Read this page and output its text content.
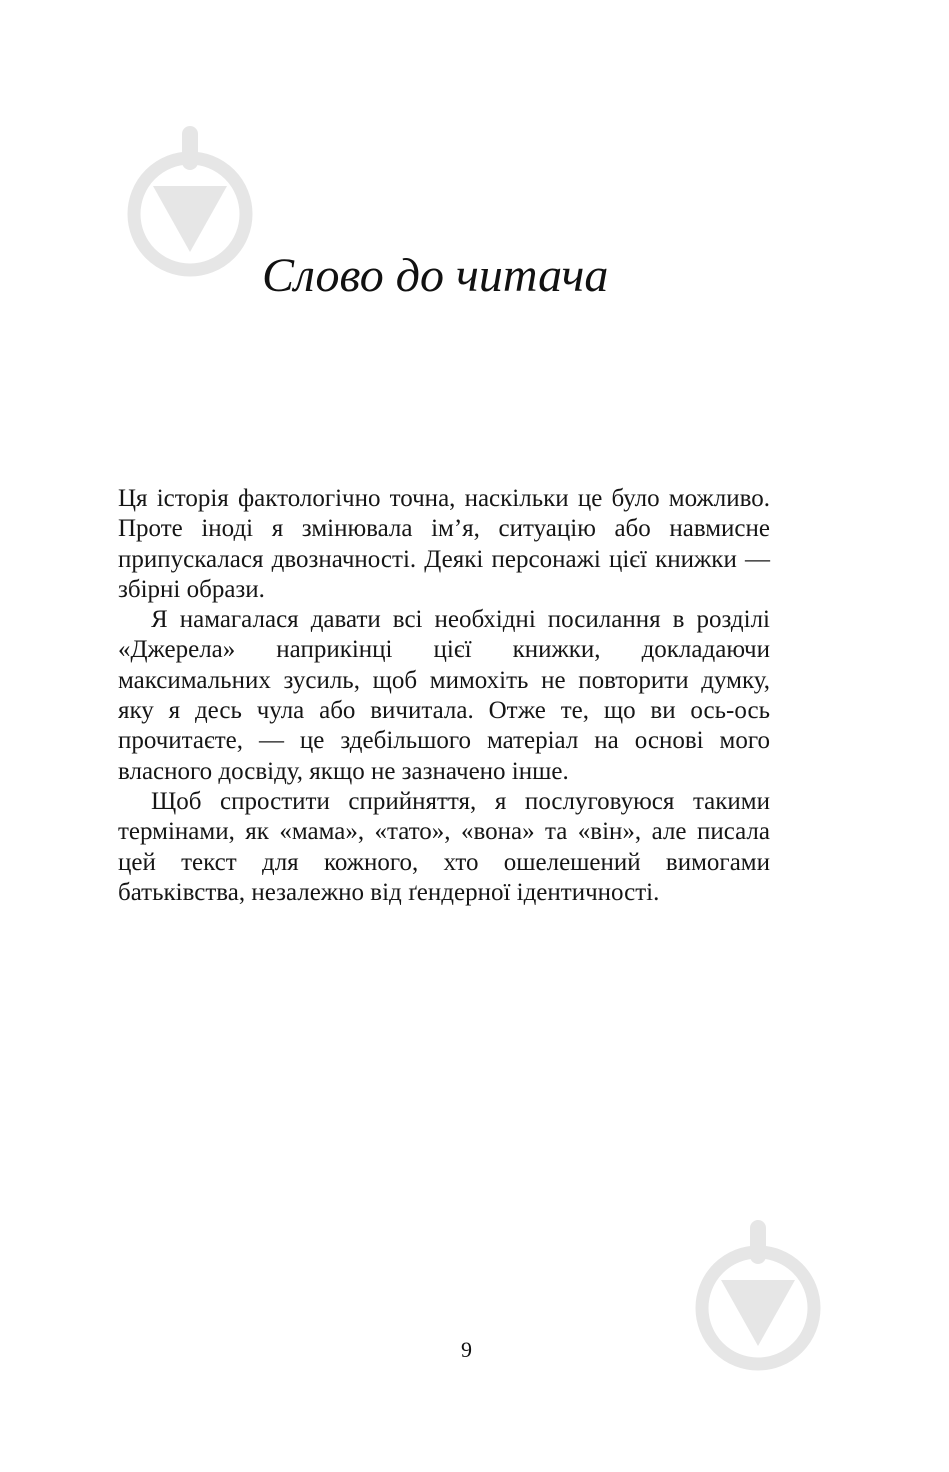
Слово до читача

Ця історія фактологічно точна, наскільки це було можливо. Проте іноді я змінювала ім’я, ситуацію або навмисне припускалася двозначності. Деякі персонажі цієї книжки — збірні образи.

Я намагалася давати всі необхідні посилання в розділі «Джерела» наприкінці цієї книжки, докладаючи максимальних зусиль, щоб мимохіть не повторити думку, яку я десь чула або вичитала. Отже те, що ви ось-ось прочитаєте, — це здебільшого матеріал на основі мого власного досвіду, якщо не зазначено інше.

Щоб спростити сприйняття, я послуговуюся такими термінами, як «мама», «тато», «вона» та «він», але писала цей текст для кожного, хто ошелешений вимогами батьківства, незалежно від ґендерної ідентичності.

9
